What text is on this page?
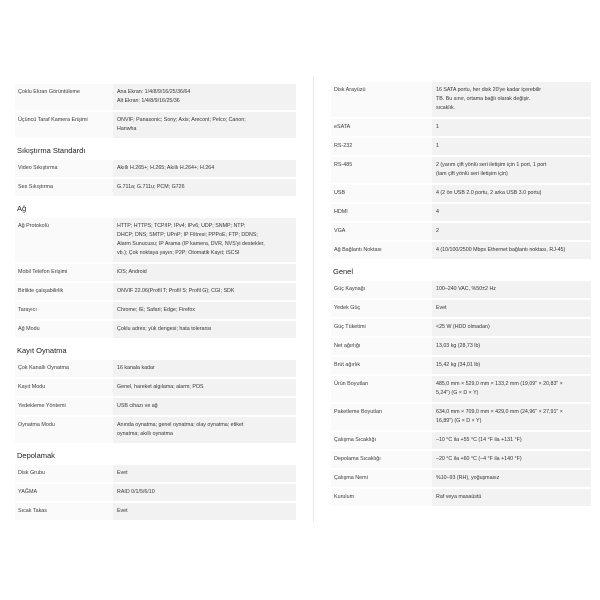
Çoklu Ekran Görüntüleme	Ana Ekran: 1/4/8/9/16/25/36/64
Alt Ekran: 1/4/8/9/16/25/36
Üçüncü Taraf Kamera Erişimi	ONVIF; Panasonic; Sony; Axis; Arecont; Pelco; Canon;
Hanwha
Sıkıştırma Standardı
Video Sıkıştırma	Akıllı H.265+; H.265; Akıllı H.264+; H.264
Ses Sıkıştırma	G.711a; G.711u; PCM; G726
Ağ
Ağ Protokolü	HTTP; HTTPS; TCP/IP; IPv4; IPv6; UDP; SNMP; NTP;
DHCP; DNS; SMTP; UPnP; IP Filtresi; PPPoE; FTP; DDNS;
Alarm Sunucusu; IP Arama (IP kamera, DVR, NVS'yi destekler,
vb.); Çok noktaya yayın; P2P; Otomatik Kayıt; iSCSI
Mobil Telefon Erişimi	iOS; Android
Birlikte çalışabilirlik	ONVIF 22.06(Profil T; Profil S; Profil G); CGI; SDK
Tarayıcı	Chrome; IE; Safari; Edge; Firefox
Ağ Modu	Çoklu adres; yük dengesi; hata toleransı
Kayıt Oynatma
Çok Kanallı Oynatma	16 kanala kadar
Kayıt Modu	Genel, hareket algılama; alarm; POS
Yedekleme Yöntemi	USB cihazı ve ağ
Oynatma Modu	Anında oynatma; genel oynatma; olay oynatma; etiket
oynatma; akıllı oynatma
Depolamak
Disk Grubu	Evet
YAĞMA	RAID 0/1/5/6/10
Sıcak Takas	Evet
Disk Arayüzü	16 SATA portu, her disk 20'ye kadar içerebilir
TB. Bu sınır, ortama bağlı olarak değişir.
sıcaklık.
eSATA	1
RS-232	1
RS-485	2 (yarım çift yönlü seri iletişim için 1 port, 1 port
(tam çift yönlü seri iletişim için)
USB	4 (2 ön USB 2.0 portu, 2 arka USB 3.0 portu)
HDMI	4
VGA	2
Ağ Bağlantı Noktası	4 (10/100/2500 Mbps Ethernet bağlantı noktası, RJ-45)
Genel
Güç Kaynağı	100–240 VAC, %50±2 Hz
Yedek Güç	Evet
Güç Tüketimi	<25 W (HDD olmadan)
Net ağırlığı	13,03 kg (28,73 lb)
Brüt ağırlık	15,42 kg (34,01 lb)
Ürün Boyutları	485,0 mm × 529,0 mm × 133,2 mm (19,09" × 20,83" ×
5,24") (G × D × Y)
Paketleme Boyutları	634,0 mm × 709,0 mm × 429,0 mm (24,96" × 27,91" ×
16,89") (G × D × Y)
Çalışma Sıcaklığı	–10 °C ila +55 °C (14 °F ila +131 °F)
Depolama Sıcaklığı	–20 °C ila +60 °C (–4 °F ila +140 °F)
Çalışma Nemi	%10–93 (RH), yoğuşmasız
Kurulum	Raf veya masaüstü
